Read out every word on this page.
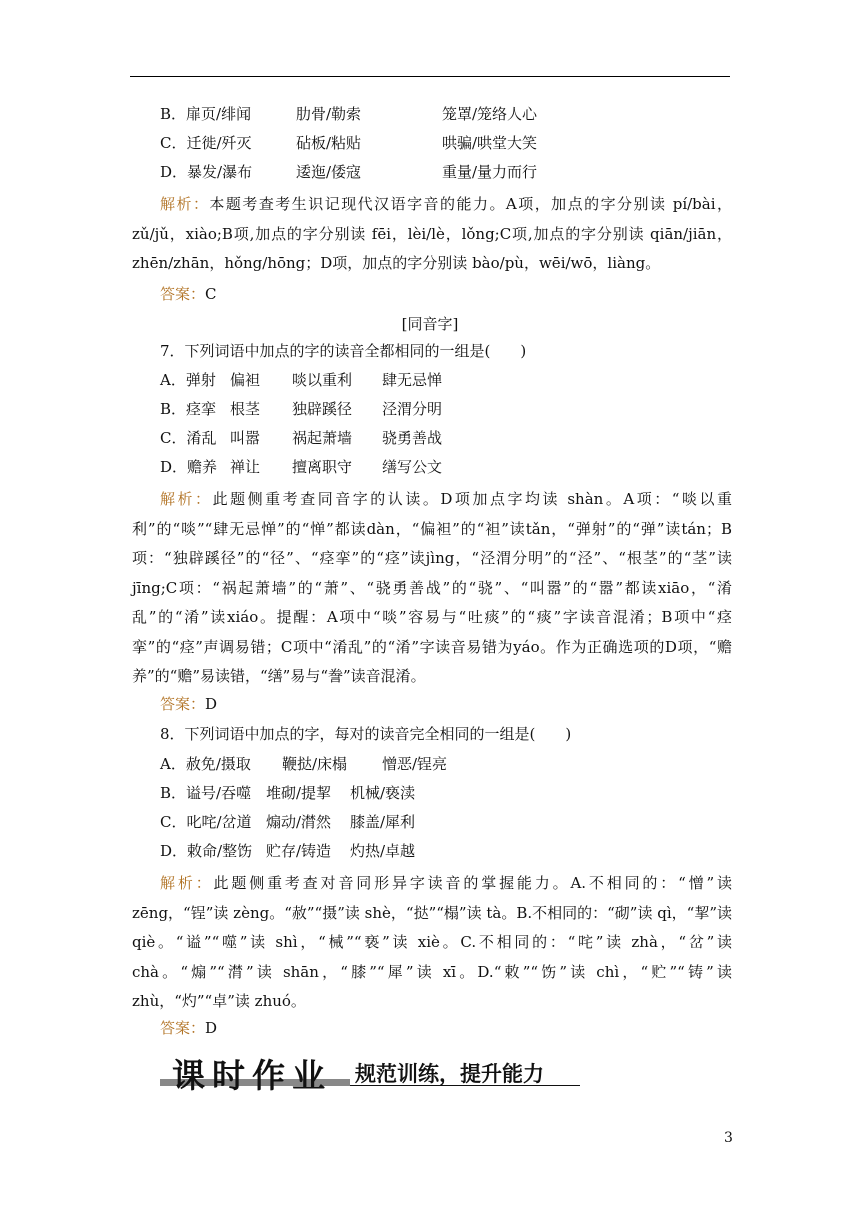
B．扉页/绯闻	肋骨/勒索	笼罩/笼络人心
C．迁徙/歼灭	砧板/粘贴	哄骗/哄堂大笑
D．暴发/瀑布	逶迤/倭寇	重量/量力而行
解析：本题考查考生识记现代汉语字音的能力。A项，加点的字分别读 pí/bài，zǔ/jǔ，xiào;B项,加点的字分别读 fēi，lèi/lè，lǒng;C项,加点的字分别读 qiān/jiān，zhēn/zhān，hǒng/hōng；D项，加点的字分别读 bào/pù，wēi/wō，liàng。
答案：C
[同音字]
7．下列词语中加点的字的读音全都相同的一组是(　　)
A．弹射 偏袒 啖以重利 肆无忌惮
B．痉挛 根茎 独辟蹊径 泾渭分明
C．淆乱 叫嚣 祸起萧墙 骁勇善战
D．赡养 禅让 擅离职守 缮写公文
解析：此题侧重考查同音字的认读。D项加点字均读 shàn。A项：“啖以重利”的“啖”“肆无忌惮”的“惮”都读dàn，“偏袒”的“袒”读tǎn，“弹射”的“弹”读tán；B项：“独辟蹊径”的“径”、“痉挛”的“痉”读jìng，“泾渭分明”的“泾”、“根茎”的“茎”读jīng;C项：“祸起萧墙”的“萧”、“骁勇善战”的“骁”、“叫嚣”的“嚣”都读xiāo，“淆乱”的“淆”读xiáo。提醒：A项中“啖”容易与“吐痰”的“痰”字读音混淆；B项中“痉挛”的“痉”声调易错；C项中“淆乱”的“淆”字读音易错为yáo。作为正确选项的D项，“赡养”的“赡”易读错，“缮”易与“誊”读音混淆。
答案：D
8．下列词语中加点的字，每对的读音完全相同的一组是(　　)
A．赦免/摄取 鞭挞/床榻 憎恶/锃亮
B．谥号/吞噬 堆砌/提挈 机械/亵渎
C．叱咤/岔道 煽动/潸然 膝盖/犀利
D．敕命/整饬 贮存/铸造 灼热/卓越
解析：此题侧重考查对音同形异字读音的掌握能力。A.不相同的：“憎”读 zēng，“锃”读 zèng。“赦”“摄”读 shè，“挞”“榻”读 tà。B.不相同的：“砌”读 qì，“挈”读 qiè。“谥”“噬”读 shì，“械”“亵”读 xiè。C.不相同的：“咤”读 zhà，“岔”读 chà。“煽”“潸”读 shān，“膝”“犀”读 xī。D.“敕”“饬”读 chì，“贮”“铸”读 zhù，“灼”“卓”读 zhuó。
答案：D
课时作业 规范训练，提升能力
3
